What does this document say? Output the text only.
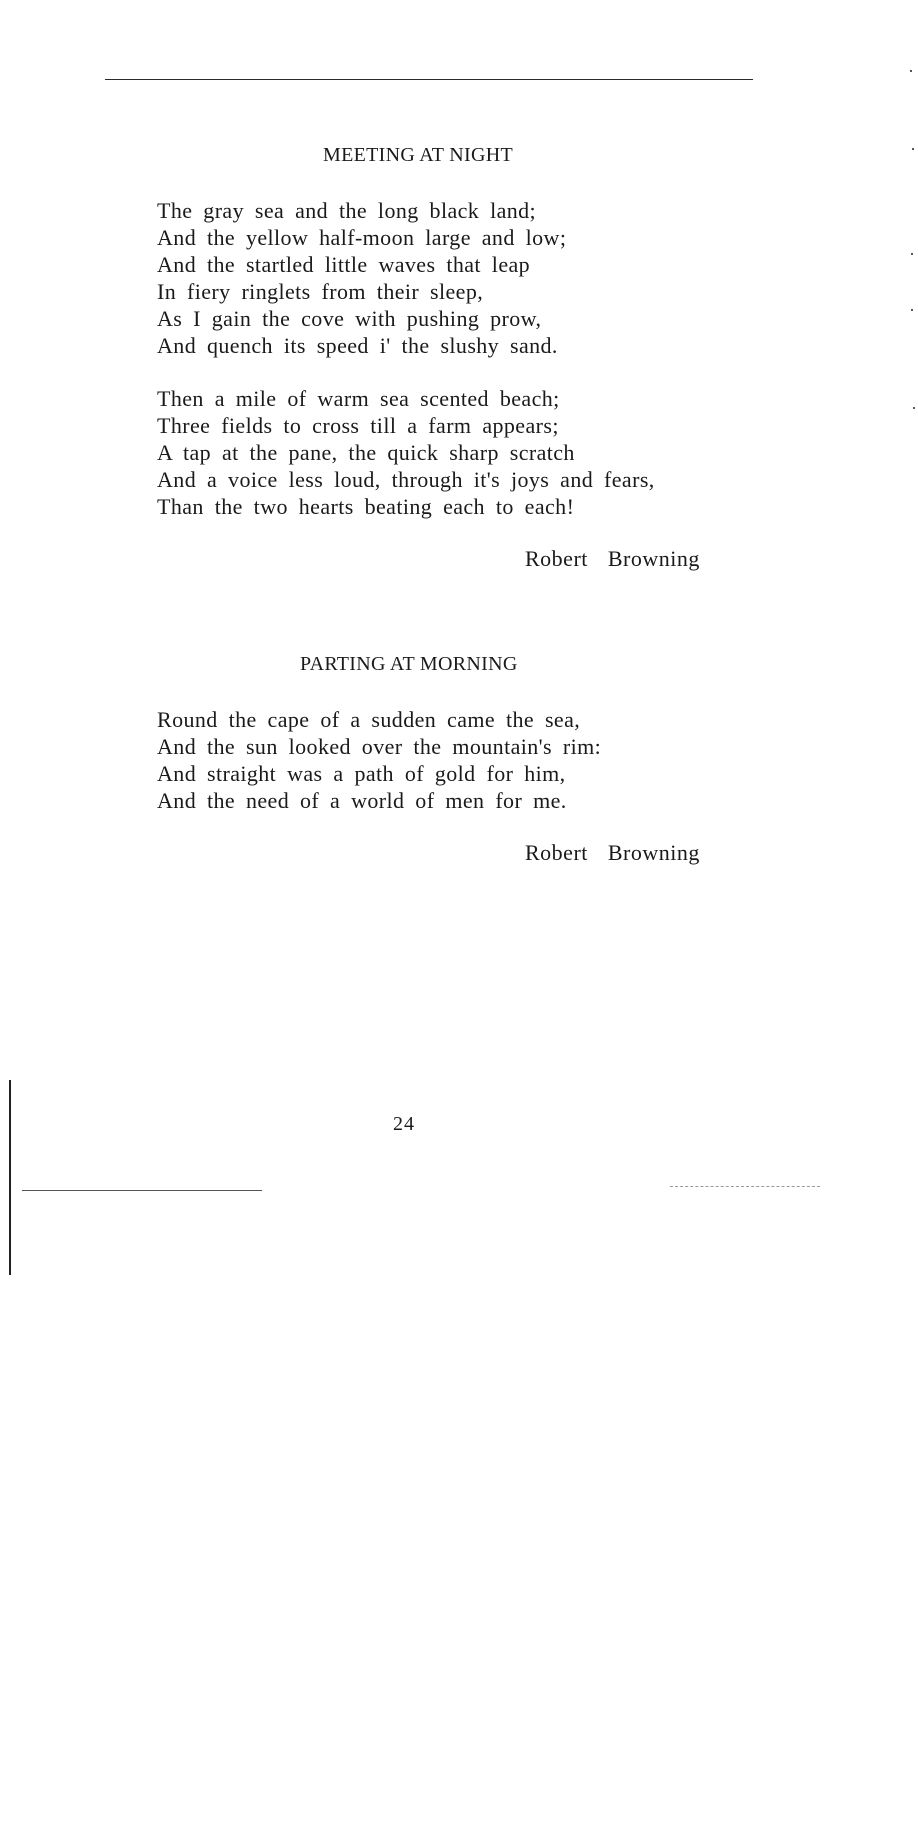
MEETING AT NIGHT
The gray sea and the long black land;
And the yellow half-moon large and low;
And the startled little waves that leap
In fiery ringlets from their sleep,
As I gain the cove with pushing prow,
And quench its speed i' the slushy sand.
Then a mile of warm sea scented beach;
Three fields to cross till a farm appears;
A tap at the pane, the quick sharp scratch
And a voice less loud, through it's joys and fears,
Than the two hearts beating each to each!
Robert Browning
PARTING AT MORNING
Round the cape of a sudden came the sea,
And the sun looked over the mountain's rim:
And straight was a path of gold for him,
And the need of a world of men for me.
Robert Browning
24
